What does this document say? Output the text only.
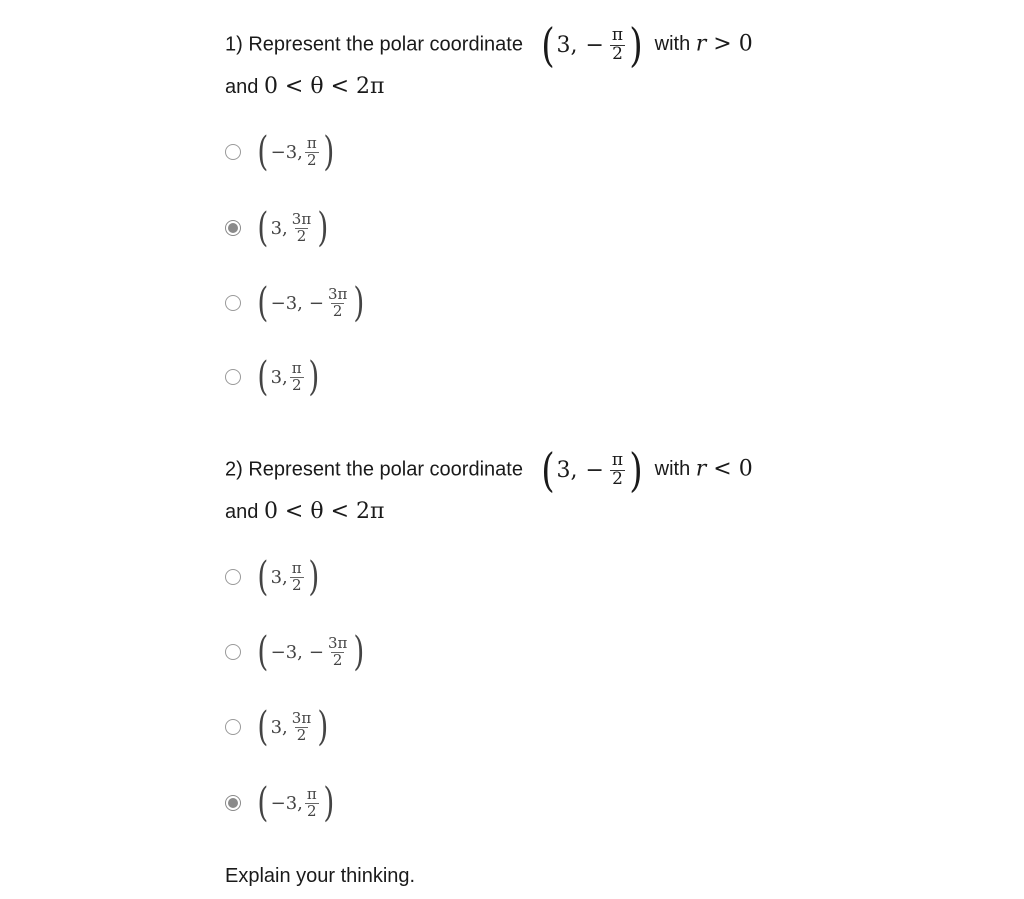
1) Represent the polar coordinate ( 3, − $\frac{\pi}{2}$ ) with r > 0
and 0 < θ < 2π
( −3, $\frac{\pi}{2}$ )
( 3, $\frac{3\pi}{2}$ )
( −3, − $\frac{3\pi}{2}$ )
( 3, $\frac{\pi}{2}$ )
2) Represent the polar coordinate ( 3, − $\frac{\pi}{2}$ ) with r < 0
and 0 < θ < 2π
( 3, $\frac{\pi}{2}$ )
( −3, − $\frac{3\pi}{2}$ )
( 3, $\frac{3\pi}{2}$ )
( −3, $\frac{\pi}{2}$ )
Explain your thinking.
